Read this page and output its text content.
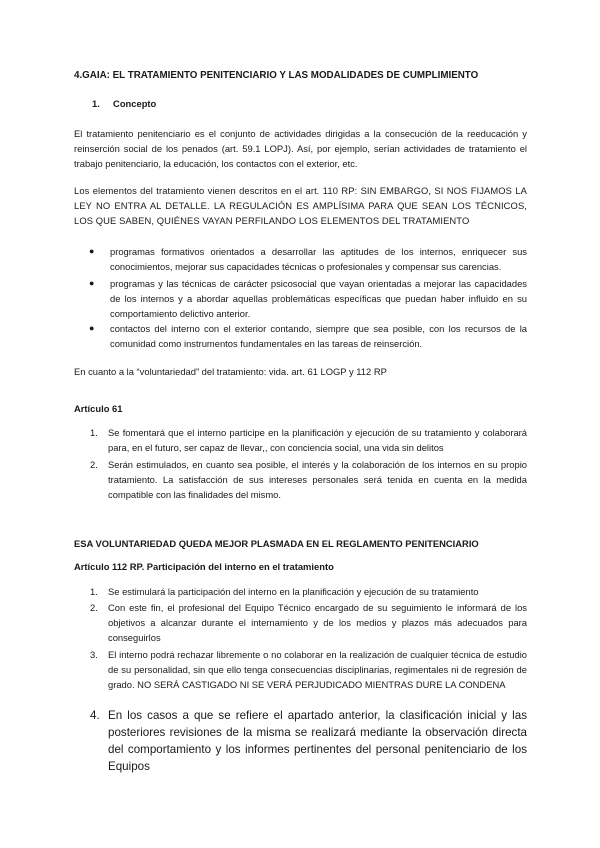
4.GAIA: EL TRATAMIENTO PENITENCIARIO Y LAS MODALIDADES DE CUMPLIMIENTO
1. Concepto
El tratamiento penitenciario es el conjunto de actividades dirigidas a la consecución de la reeducación y reinserción social de los penados (art. 59.1 LOPJ). Así, por ejemplo, serían actividades de tratamiento el trabajo penitenciario, la educación, los contactos con el exterior, etc.
Los elementos del tratamiento vienen descritos en el art. 110 RP: SIN EMBARGO, SI NOS FIJAMOS LA LEY NO ENTRA AL DETALLE. LA REGULACIÓN ES AMPLÍSIMA PARA QUE SEAN LOS TÉCNICOS, LOS QUE SABEN, QUIÉNES VAYAN PERFILANDO LOS ELEMENTOS DEL TRATAMIENTO
● programas formativos orientados a desarrollar las aptitudes de los internos, enriquecer sus conocimientos, mejorar sus capacidades técnicas o profesionales y compensar sus carencias.
● programas y las técnicas de carácter psicosocial que vayan orientadas a mejorar las capacidades de los internos y a abordar aquellas problemáticas específicas que puedan haber influido en su comportamiento delictivo anterior.
● contactos del interno con el exterior contando, siempre que sea posible, con los recursos de la comunidad como instrumentos fundamentales en las tareas de reinserción.
En cuanto a la “voluntariedad” del tratamiento: vida. art. 61 LOGP y 112 RP
Artículo 61
1. Se fomentará que el interno participe en la planificación y ejecución de su tratamiento y colaborará para, en el futuro, ser capaz de llevar,, con conciencia social, una vida sin delitos
2. Serán estimulados, en cuanto sea posible, el interés y la colaboración de los internos en su propio tratamiento. La satisfacción de sus intereses personales será tenida en cuenta en la medida compatible con las finalidades del mismo.
ESA VOLUNTARIEDAD QUEDA MEJOR PLASMADA EN EL REGLAMENTO PENITENCIARIO
Artículo 112 RP. Participación del interno en el tratamiento
1. Se estimulará la participación del interno en la planificación y ejecución de su tratamiento
2. Con este fin, el profesional del Equipo Técnico encargado de su seguimiento le informará de los objetivos a alcanzar durante el internamiento y de los medios y plazos más adecuados para conseguirlos
3. El interno podrá rechazar libremente o no colaborar en la realización de cualquier técnica de estudio de su personalidad, sin que ello tenga consecuencias disciplinarias, regimentales ni de regresión de grado. NO SERÁ CASTIGADO NI SE VERÁ PERJUDICADO MIENTRAS DURE LA CONDENA
4. En los casos a que se refiere el apartado anterior, la clasificación inicial y las posteriores revisiones de la misma se realizará mediante la observación directa del comportamiento y los informes pertinentes del personal penitenciario de los Equipos
